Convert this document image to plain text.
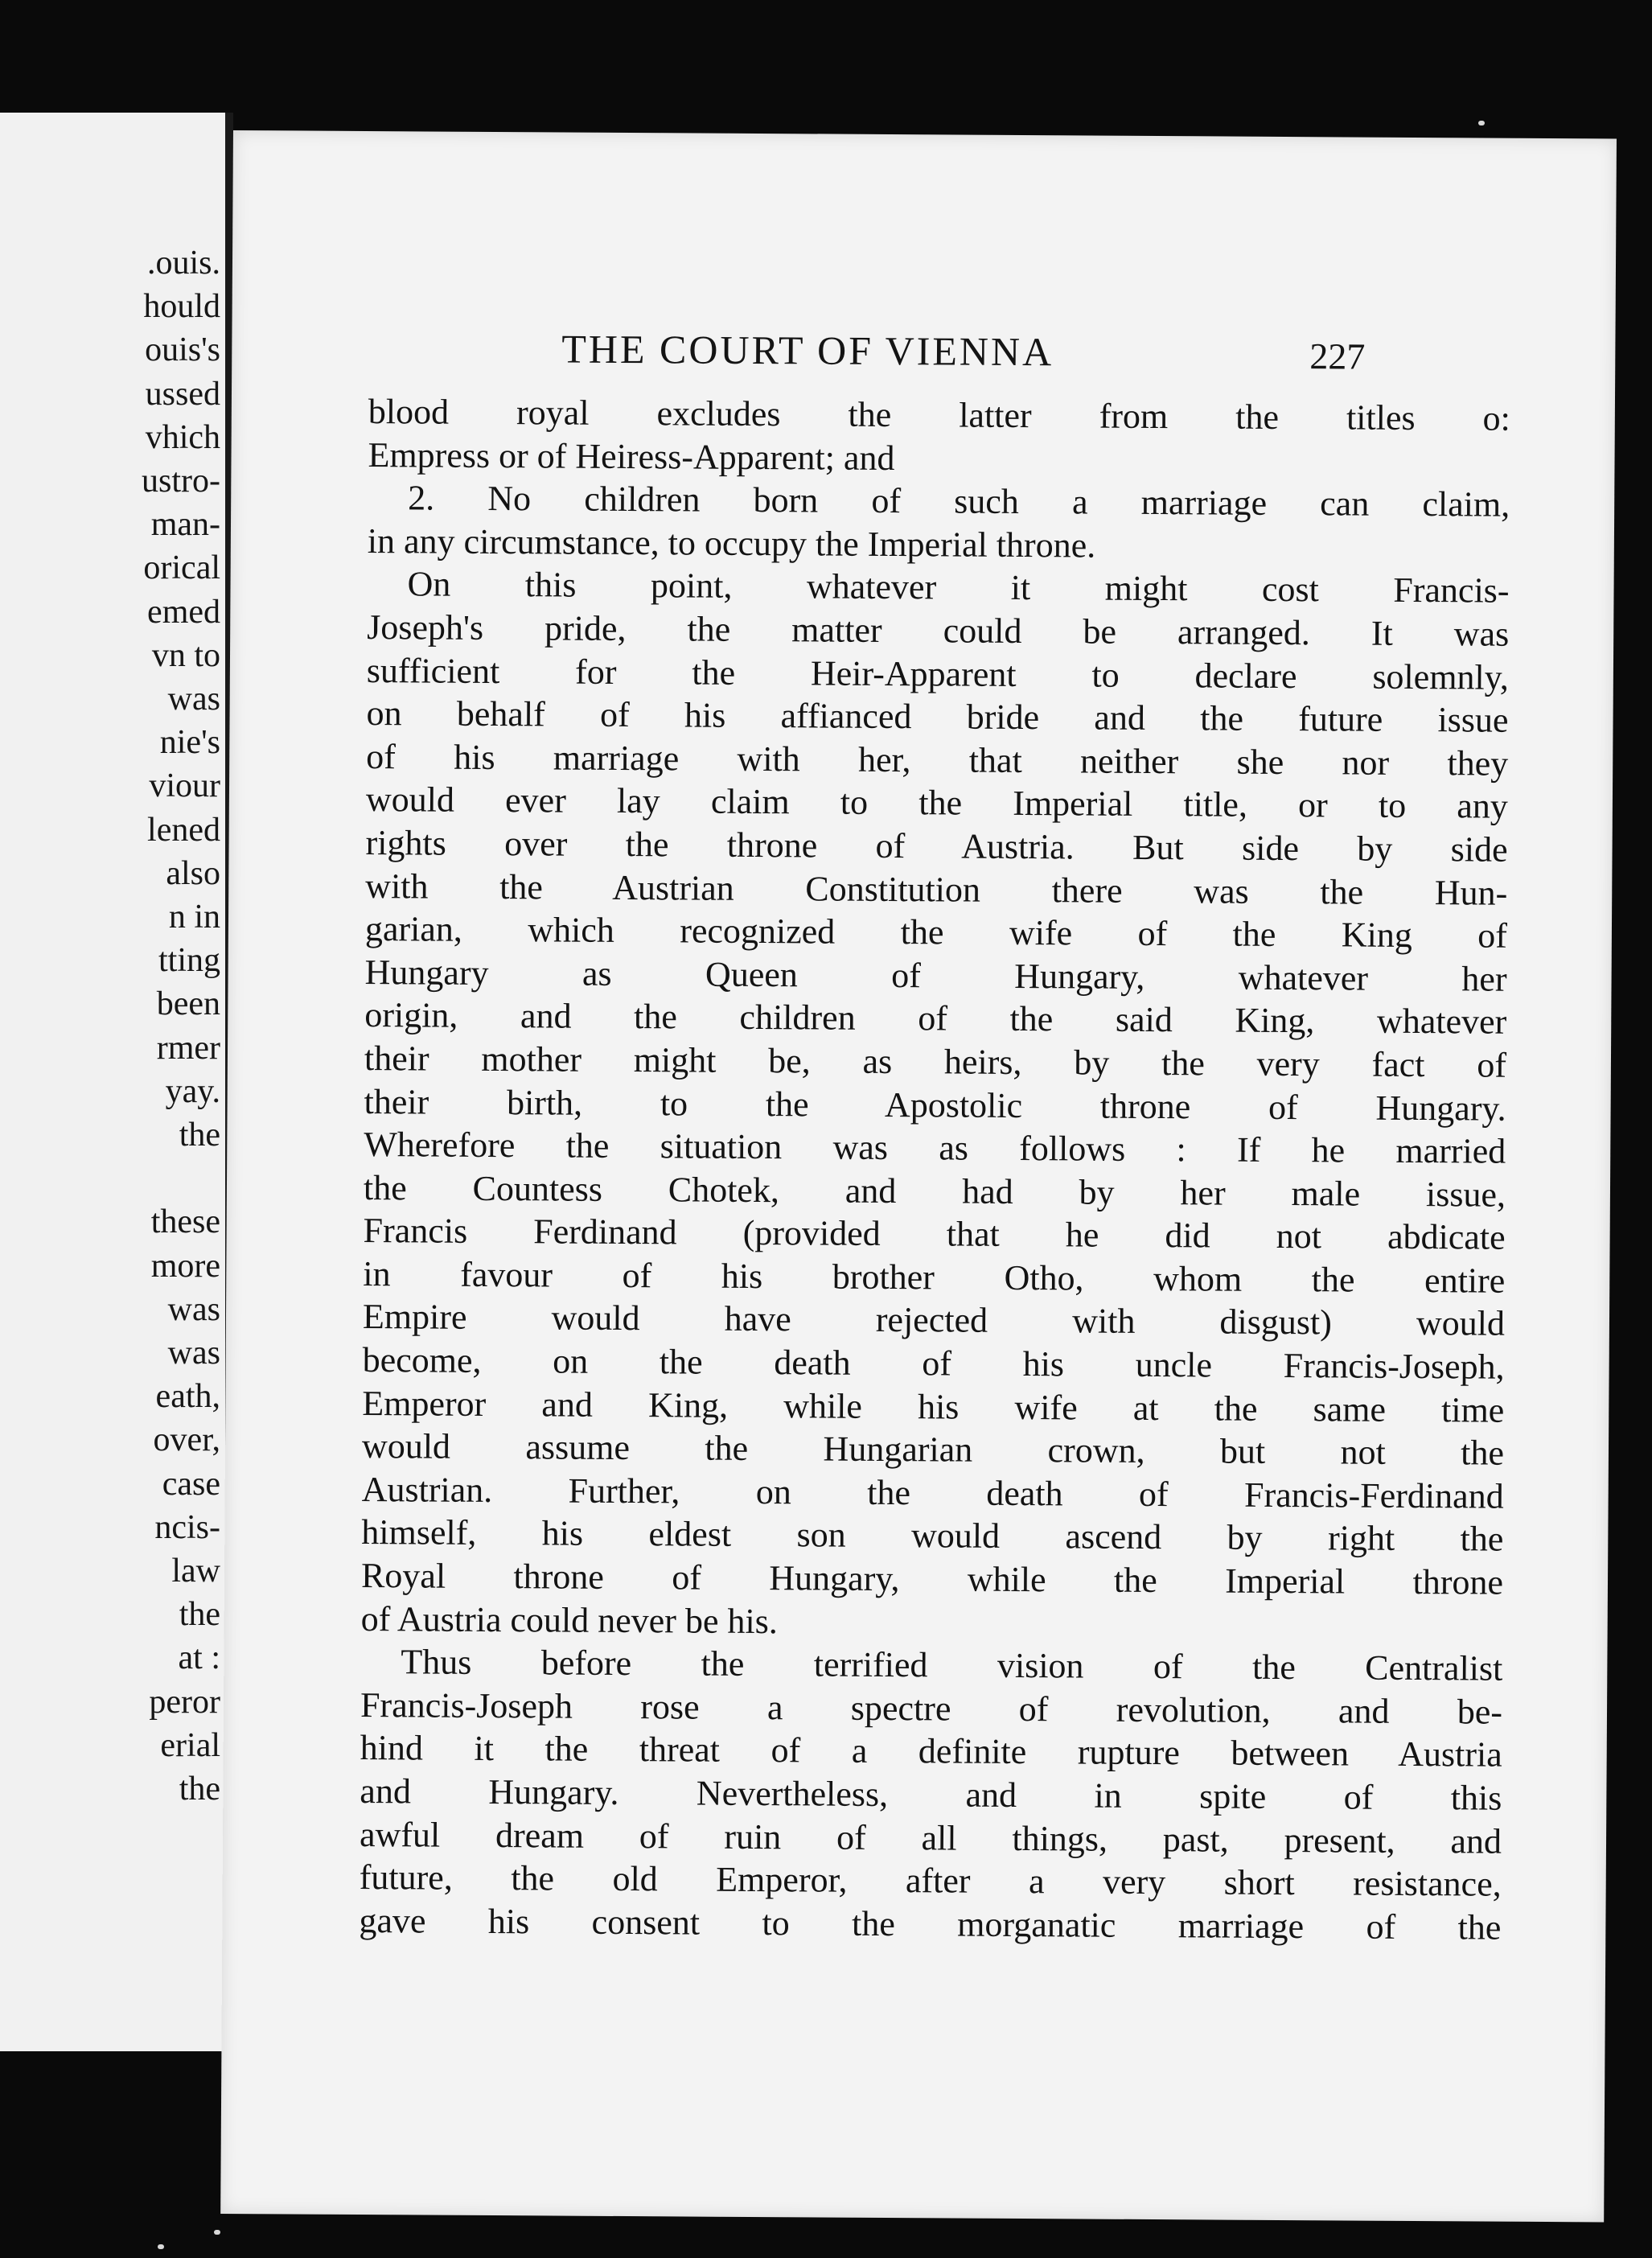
.ouis.
hould
ouis's
ussed
vhich
ustro-
man-
orical
emed
vn to
was
nie's
viour
lened
also
n in
tting
been
rmer
yay.
the
these
more
was
was
eath,
over,
case
ncis-
law
the
at :
peror
erial
the
THE COURT OF VIENNA	227
blood royal excludes the latter from the titles o:
Empress or of Heiress-Apparent; and
2. No children born of such a marriage can claim,
in any circumstance, to occupy the Imperial throne.
On this point, whatever it might cost Francis-
Joseph's pride, the matter could be arranged. It was
sufficient for the Heir-Apparent to declare solemnly,
on behalf of his affianced bride and the future issue
of his marriage with her, that neither she nor they
would ever lay claim to the Imperial title, or to any
rights over the throne of Austria. But side by side
with the Austrian Constitution there was the Hun-
garian, which recognized the wife of the King of
Hungary as Queen of Hungary, whatever her
origin, and the children of the said King, whatever
their mother might be, as heirs, by the very fact of
their birth, to the Apostolic throne of Hungary.
Wherefore the situation was as follows : If he married
the Countess Chotek, and had by her male issue,
Francis Ferdinand (provided that he did not abdicate
in favour of his brother Otho, whom the entire
Empire would have rejected with disgust) would
become, on the death of his uncle Francis-Joseph,
Emperor and King, while his wife at the same time
would assume the Hungarian crown, but not the
Austrian. Further, on the death of Francis-Ferdinand
himself, his eldest son would ascend by right the
Royal throne of Hungary, while the Imperial throne
of Austria could never be his.
Thus before the terrified vision of the Centralist
Francis-Joseph rose a spectre of revolution, and be-
hind it the threat of a definite rupture between Austria
and Hungary. Nevertheless, and in spite of this
awful dream of ruin of all things, past, present, and
future, the old Emperor, after a very short resistance,
gave his consent to the morganatic marriage of the
